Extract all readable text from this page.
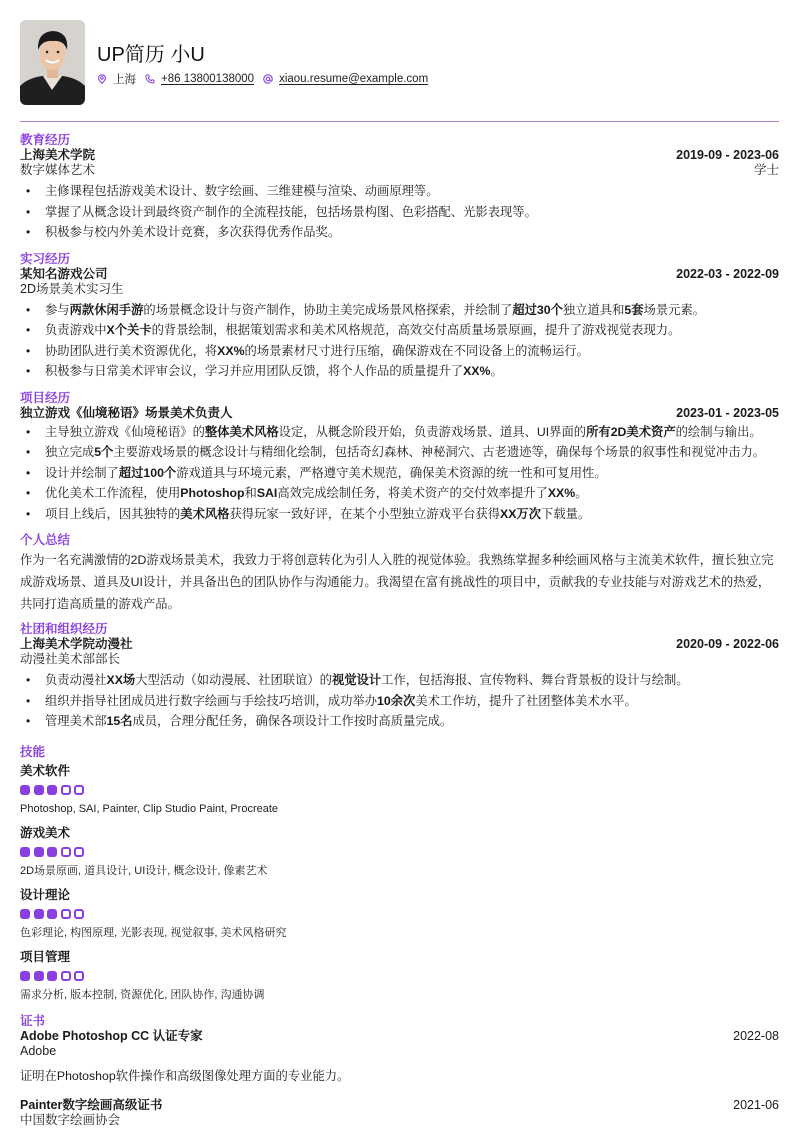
UP简历 小U
上海 +86 13800138000 xiaou.resume@example.com
教育经历
上海美术学院	2019-09 - 2023-06
数字媒体艺术	学士
• 主修课程包括游戏美术设计、数字绘画、三维建模与渲染、动画原理等。
• 掌握了从概念设计到最终资产制作的全流程技能，包括场景构图、色彩搭配、光影表现等。
• 积极参与校内外美术设计竞赛，多次获得优秀作品奖。
实习经历
某知名游戏公司	2022-03 - 2022-09
2D场景美术实习生
• 参与两款休闲手游的场景概念设计与资产制作，协助主美完成场景风格探索，并绘制了超过30个独立道具和5套场景元素。
• 负责游戏中X个关卡的背景绘制，根据策划需求和美术风格规范，高效交付高质量场景原画，提升了游戏视觉表现力。
• 协助团队进行美术资源优化，将XX%的场景素材尺寸进行压缩，确保游戏在不同设备上的流畅运行。
• 积极参与日常美术评审会议，学习并应用团队反馈，将个人作品的质量提升了XX%。
项目经历
独立游戏《仙境秘语》场景美术负责人	2023-01 - 2023-05
• 主导独立游戏《仙境秘语》的整体美术风格设定，从概念阶段开始，负责游戏场景、道具、UI界面的所有2D美术资产的绘制与输出。
• 独立完成5个主要游戏场景的概念设计与精细化绘制，包括奇幻森林、神秘洞穴、古老遗迹等，确保每个场景的叙事性和视觉冲击力。
• 设计并绘制了超过100个游戏道具与环境元素，严格遵守美术规范，确保美术资源的统一性和可复用性。
• 优化美术工作流程，使用Photoshop和SAI高效完成绘制任务，将美术资产的交付效率提升了XX%。
• 项目上线后，因其独特的美术风格获得玩家一致好评，在某个小型独立游戏平台获得XX万次下载量。
个人总结
作为一名充满激情的2D游戏场景美术，我致力于将创意转化为引人入胜的视觉体验。我熟练掌握多种绘画风格与主流美术软件，擅长独立完成游戏场景、道具及UI设计，并具备出色的团队协作与沟通能力。我渴望在富有挑战性的项目中，贡献我的专业技能与对游戏艺术的热爱，共同打造高质量的游戏产品。
社团和组织经历
上海美术学院动漫社	2020-09 - 2022-06
动漫社美术部部长
• 负责动漫社XX场大型活动（如动漫展、社团联谊）的视觉设计工作，包括海报、宣传物料、舞台背景板的设计与绘制。
• 组织并指导社团成员进行数字绘画与手绘技巧培训，成功举办10余次美术工作坊，提升了社团整体美术水平。
• 管理美术部15名成员，合理分配任务，确保各项设计工作按时高质量完成。
技能
美术软件
Photoshop, SAI, Painter, Clip Studio Paint, Procreate
游戏美术
2D场景原画, 道具设计, UI设计, 概念设计, 像素艺术
设计理论
色彩理论, 构图原理, 光影表现, 视觉叙事, 美术风格研究
项目管理
需求分析, 版本控制, 资源优化, 团队协作, 沟通协调
证书
Adobe Photoshop CC 认证专家	2022-08
Adobe
证明在Photoshop软件操作和高级图像处理方面的专业能力。
Painter数字绘画高级证书	2021-06
中国数字绘画协会
